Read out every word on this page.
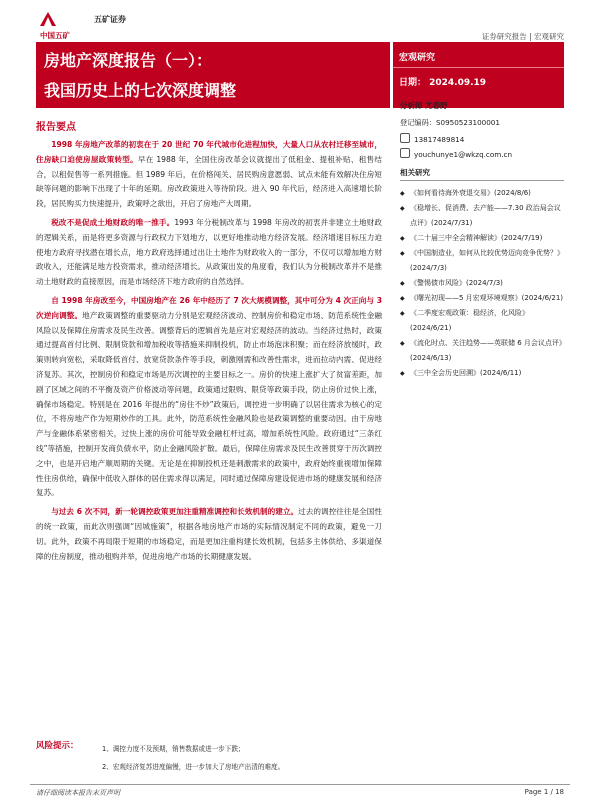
五矿证券
中国五矿	证券研究报告 | 宏观研究
房地产深度报告（一）：
我国历史上的七次深度调整
宏观研究
日期： 2024.09.19
报告要点

1998 年房地产改革的初衷在于 20 世纪 70 年代城市化进程加快，大量人口从农村迁移至城市，住房缺口迫使房屋政策转型。早在 1988 年，全国住房改革会议就提出了低租金、提租补贴、租售结合，以租促售等一系列措施。但 1989 年后，在价格闯关、居民购房意愿弱、试点未能有效解决住房短缺等问题的影响下出现了十年的延期。房改政策进入等待阶段。进入 90 年代后，经济进入高速增长阶段，居民购买力快速提升，政策呼之欲出，开启了房地产大周期。

税改不是促成土地财政的唯一推手。1993 年分税制改革与 1998 年房改的初衷并非建立土地财政的逻辑关系，而是将更多资源与行政权力下划地方，以更好地推动地方经济发展。经济增速目标压力迫使地方政府寻找潜在增长点，地方政府选择通过出让土地作为财政收入的一部分，不仅可以增加地方财政收入，还能满足地方投资需求，推动经济增长。从政策出发的角度看，我们认为分税制改革并不是推动土地财政的直接原因，而是市场经济下地方政府的自然选择。

自 1998 年房改至今，中国房地产在 26 年中经历了 7 次大规模调整，其中可分为 4 次正向与 3 次逆向调整。地产政策调整的重要驱动力分别是宏观经济波动、控制房价和稳定市场、防范系统性金融风险以及保障住房需求及民生改善。调整背后的逻辑首先是应对宏观经济的波动。当经济过热时，政策通过提高首付比例、限制贷款和增加税收等措施来抑制投机，防止市场泡沫积聚；而在经济放缓时，政策则转向宽松，采取降低首付、放宽贷款条件等手段，刺激刚需和改善性需求，进而拉动内需、促进经济复苏。其次，控制房价和稳定市场是历次调控的主要目标之一。房价的快速上涨扩大了贫富差距，加剧了区域之间的不平衡及资产价格波动等问题，政策通过限购、限贷等政策手段，防止房价过快上涨，确保市场稳定。特别是在 2016 年提出的“房住不炒”政策后，调控进一步明确了以居住需求为核心的定位，不将房地产作为短期炒作的工具。此外，防范系统性金融风险也是政策调整的重要动因。由于房地产与金融体系紧密相关，过快上涨的房价可能导致金融杠杆过高，增加系统性风险。政府通过“三条红线”等措施，控制开发商负债水平，防止金融风险扩散。最后，保障住房需求及民生改善贯穿于历次调控之中，也是开启地产顺周期的关键。无论是在抑制投机还是刺激需求的政策中，政府始终重视增加保障性住房供给，确保中低收入群体的居住需求得以满足，同时通过保障房建设促进市场的健康发展和经济复苏。

与过去 6 次不同，新一轮调控政策更加注重精准调控和长效机制的建立。过去的调控往往是全国性的统一政策，而此次则强调“因城施策”，根据各地房地产市场的实际情况制定不同的政策，避免一刀切。此外，政策不再局限于短期的市场稳定，而是更加注重构建长效机制，包括多主体供给、多渠道保障的住房制度，推动租购并举，促进房地产市场的长期健康发展。

分析师 尤春野
登记编码：S0950523100001
13817489814
youchunye1@wkzq.com.cn
相关研究
◆ 《如何看待海外衰退交易》(2024/8/6)
◆ 《稳增长、促消费、去产能——7.30 政治局会议点评》(2024/7/31)
◆ 《二十届三中全会精神解读》(2024/7/19)
◆ 《中国制造业，如何从比较优势迈向竞争优势？》(2024/7/3)
◆ 《警惕债市风险》(2024/7/3)
◆ 《曙光初现——5 月宏观环境观察》(2024/6/21)
◆ 《二季度宏观政策：稳经济，化风险》(2024/6/21)
◆ 《流化时点、关注趋势——英联储 6 月会议点评》(2024/6/13)
◆ 《三中全会历史回溯》(2024/6/11)
风险提示：	1、调控力度不及预期，销售数据或进一步下跌；
2、宏观经济复苏进度偏慢，进一步加大了房地产出清的难度。
请仔细阅读本报告末页声明	Page 1 / 18
